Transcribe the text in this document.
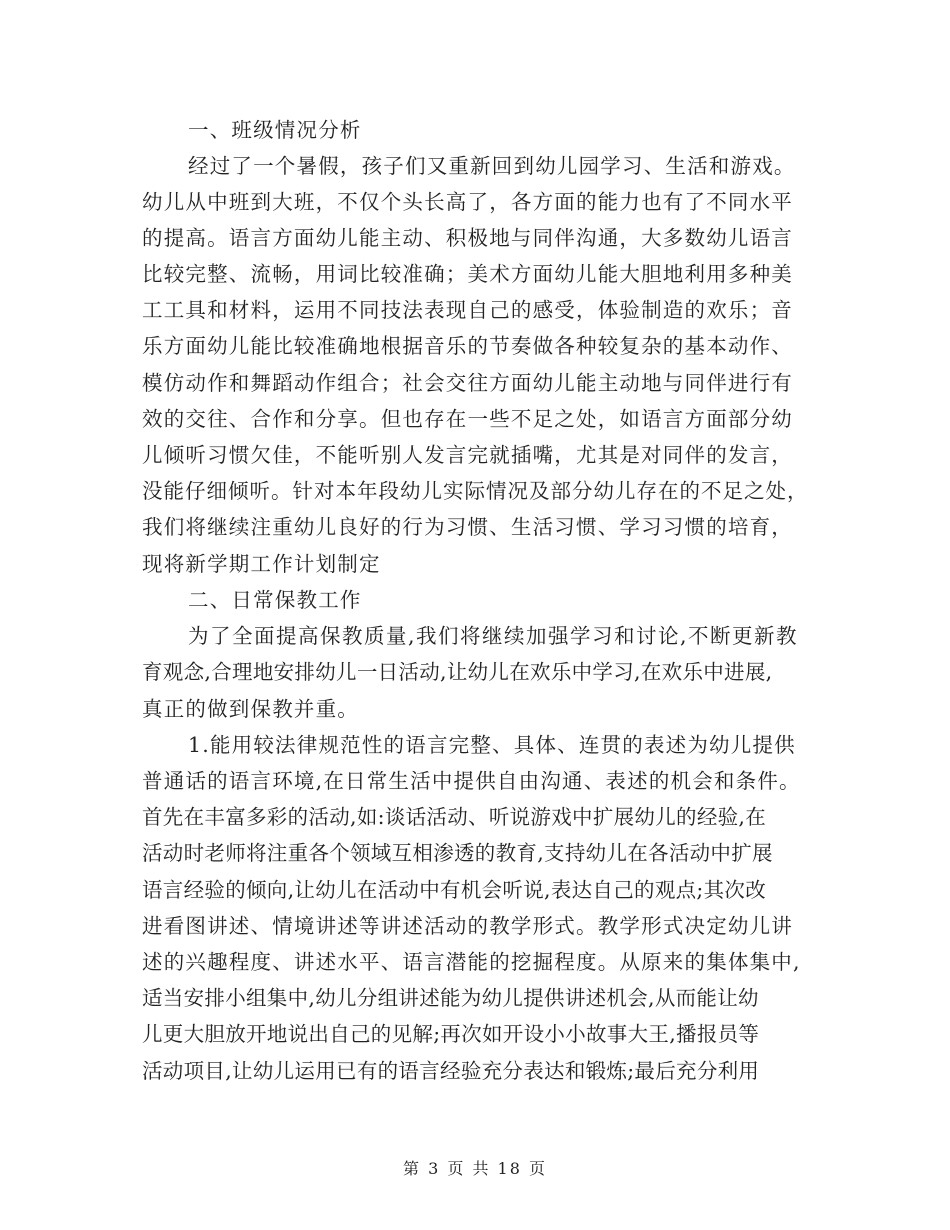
一、班级情况分析
经过了一个暑假，孩子们又重新回到幼儿园学习、生活和游戏。
幼儿从中班到大班，不仅个头长高了，各方面的能力也有了不同水平
的提高。语言方面幼儿能主动、积极地与同伴沟通，大多数幼儿语言
比较完整、流畅，用词比较准确；美术方面幼儿能大胆地利用多种美
工工具和材料，运用不同技法表现自己的感受，体验制造的欢乐；音
乐方面幼儿能比较准确地根据音乐的节奏做各种较复杂的基本动作、
模仿动作和舞蹈动作组合；社会交往方面幼儿能主动地与同伴进行有
效的交往、合作和分享。但也存在一些不足之处，如语言方面部分幼
儿倾听习惯欠佳，不能听别人发言完就插嘴，尤其是对同伴的发言，
没能仔细倾听。针对本年段幼儿实际情况及部分幼儿存在的不足之处，
我们将继续注重幼儿良好的行为习惯、生活习惯、学习习惯的培育，
现将新学期工作计划制定
二、日常保教工作
为了全面提高保教质量,我们将继续加强学习和讨论,不断更新教
育观念,合理地安排幼儿一日活动,让幼儿在欢乐中学习,在欢乐中进展,
真正的做到保教并重。
1.能用较法律规范性的语言完整、具体、连贯的表述为幼儿提供
普通话的语言环境,在日常生活中提供自由沟通、表述的机会和条件。
首先在丰富多彩的活动,如:谈话活动、听说游戏中扩展幼儿的经验,在
活动时老师将注重各个领域互相渗透的教育,支持幼儿在各活动中扩展
语言经验的倾向,让幼儿在活动中有机会听说,表达自己的观点;其次改
进看图讲述、情境讲述等讲述活动的教学形式。教学形式决定幼儿讲
述的兴趣程度、讲述水平、语言潜能的挖掘程度。从原来的集体集中,
适当安排小组集中,幼儿分组讲述能为幼儿提供讲述机会,从而能让幼
儿更大胆放开地说出自己的见解;再次如开设小小故事大王,播报员等
活动项目,让幼儿运用已有的语言经验充分表达和锻炼;最后充分利用
第 3 页 共 18 页
